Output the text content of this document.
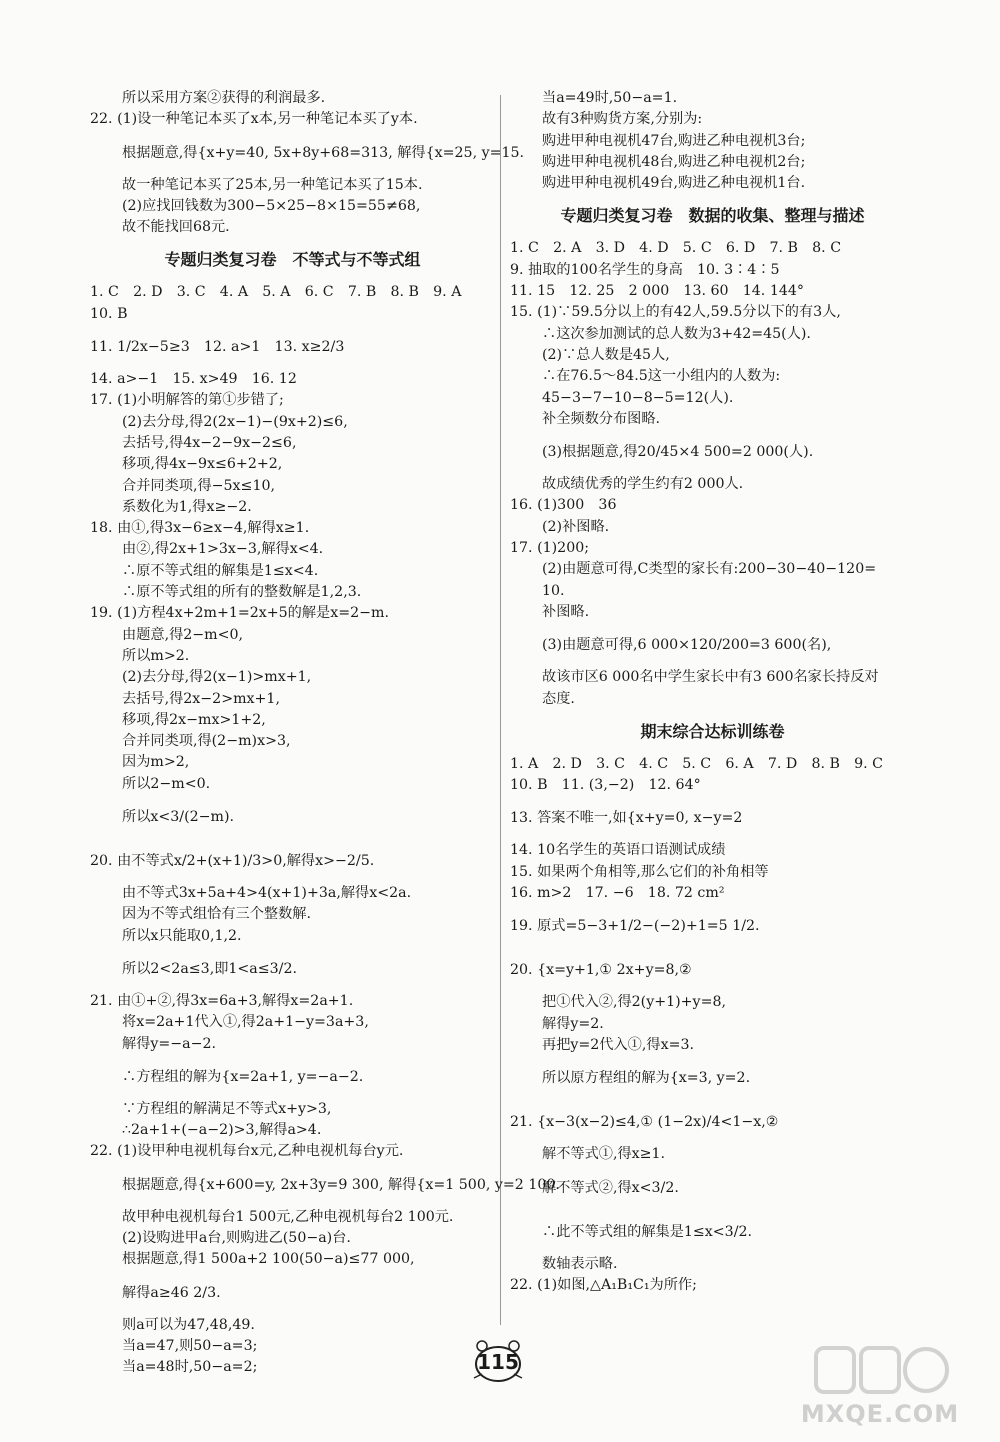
所以采用方案②获得的利润最多.
22. (1)设一种笔记本买了x本,另一种笔记本买了y本.
根据题意,得{x+y=40, 5x+8y+68=313, 解得{x=25, y=15.
故一种笔记本买了25本,另一种笔记本买了15本.
(2)应找回钱数为300−5×25−8×15=55≠68,
故不能找回68元.
专题归类复习卷　不等式与不等式组
1. C　2. D　3. C　4. A　5. A　6. C　7. B　8. B　9. A
10. B
11. 1/2x−5≥3　12. a>1　13. x≥2/3
14. a>−1　15. x>49　16. 12
17. (1)小明解答的第①步错了;
(2)去分母,得2(2x−1)−(9x+2)≤6,
去括号,得4x−2−9x−2≤6,
移项,得4x−9x≤6+2+2,
合并同类项,得−5x≤10,
系数化为1,得x≥−2.
18. 由①,得3x−6≥x−4,解得x≥1.
由②,得2x+1>3x−3,解得x<4.
∴原不等式组的解集是1≤x<4.
∴原不等式组的所有的整数解是1,2,3.
19. (1)方程4x+2m+1=2x+5的解是x=2−m.
由题意,得2−m<0,
所以m>2.
(2)去分母,得2(x−1)>mx+1,
去括号,得2x−2>mx+1,
移项,得2x−mx>1+2,
合并同类项,得(2−m)x>3,
因为m>2,
所以2−m<0.
所以x<3/(2−m).
20. 由不等式x/2+(x+1)/3>0,解得x>−2/5.
由不等式3x+5a+4>4(x+1)+3a,解得x<2a.
因为不等式组恰有三个整数解.
所以x只能取0,1,2.
所以2<2a≤3,即1<a≤3/2.
21. 由①+②,得3x=6a+3,解得x=2a+1.
将x=2a+1代入①,得2a+1−y=3a+3,
解得y=−a−2.
∴方程组的解为{x=2a+1, y=−a−2.
∵方程组的解满足不等式x+y>3,
∴2a+1+(−a−2)>3,解得a>4.
22. (1)设甲种电视机每台x元,乙种电视机每台y元.
根据题意,得{x+600=y, 2x+3y=9 300, 解得{x=1 500, y=2 100.
故甲种电视机每台1 500元,乙种电视机每台2 100元.
(2)设购进甲a台,则购进乙(50−a)台.
根据题意,得1 500a+2 100(50−a)≤77 000,
解得a≥46 2/3.
则a可以为47,48,49.
当a=47,则50−a=3;
当a=48时,50−a=2;
当a=49时,50−a=1.
故有3种购货方案,分别为:
购进甲种电视机47台,购进乙种电视机3台;
购进甲种电视机48台,购进乙种电视机2台;
购进甲种电视机49台,购进乙种电视机1台.
专题归类复习卷　数据的收集、整理与描述
1. C　2. A　3. D　4. D　5. C　6. D　7. B　8. C
9. 抽取的100名学生的身高　10. 3∶4∶5
11. 15　12. 25　2 000　13. 60　14. 144°
15. (1)∵59.5分以上的有42人,59.5分以下的有3人,
∴这次参加测试的总人数为3+42=45(人).
(2)∵总人数是45人,
∴在76.5～84.5这一小组内的人数为:
45−3−7−10−8−5=12(人).
补全频数分布图略.
(3)根据题意,得20/45×4 500=2 000(人).
故成绩优秀的学生约有2 000人.
16. (1)300　36
(2)补图略.
17. (1)200;
(2)由题意可得,C类型的家长有:200−30−40−120=
10.
补图略.
(3)由题意可得,6 000×120/200=3 600(名),
故该市区6 000名中学生家长中有3 600名家长持反对
态度.
期末综合达标训练卷
1. A　2. D　3. C　4. C　5. C　6. A　7. D　8. B　9. C
10. B　11. (3,−2)　12. 64°
13. 答案不唯一,如{x+y=0, x−y=2
14. 10名学生的英语口语测试成绩
15. 如果两个角相等,那么它们的补角相等
16. m>2　17. −6　18. 72 cm²
19. 原式=5−3+1/2−(−2)+1=5 1/2.
20. {x=y+1,① 2x+y=8,②
把①代入②,得2(y+1)+y=8,
解得y=2.
再把y=2代入①,得x=3.
所以原方程组的解为{x=3, y=2.
21. {x−3(x−2)≤4,① (1−2x)/4<1−x,②
解不等式①,得x≥1.
解不等式②,得x<3/2.
∴此不等式组的解集是1≤x<3/2.
数轴表示略.
22. (1)如图,△A₁B₁C₁为所作;
115
MXQE.COM
